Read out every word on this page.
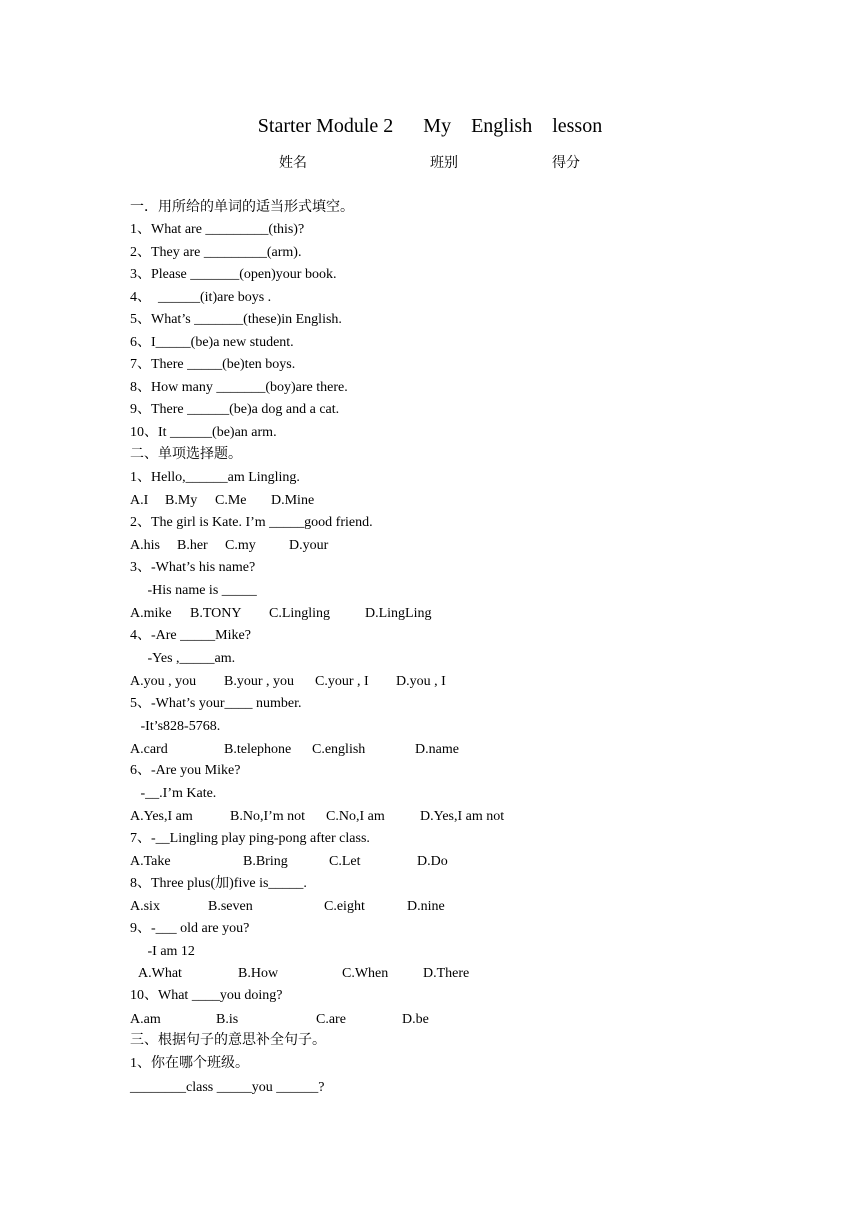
Starter Module 2      My    English    lesson
姓名	班别	得分
一．用所给的单词的适当形式填空。
1、What are _________(this)?
2、They are _________(arm).
3、Please _______(open)your book.
4、  ______(it)are boys .
5、What’s _______(these)in English.
6、I_____(be)a new student.
7、There _____(be)ten boys.
8、How many _______(boy)are there.
9、There ______(be)a dog and a cat.
10、It ______(be)an arm.
二、单项选择题。
1、Hello,______am Lingling.

A.I

B.My

C.Me

D.Mine

2、The girl is Kate. I’m _____good friend.

A.his

B.her

C.my

D.your

3、-What’s his name?
-His name is _____

A.mike

B.TONY

C.Lingling

D.LingLing

4、-Are _____Mike?
-Yes ,_____am.

A.you , you

B.your , you

C.your , I

D.you , I

5、-What’s your____ number.
-It’s828-5768.

A.card

	B.telephone

C.english

	D.name

6、-Are you Mike?
-__.I’m Kate.

A.Yes,I am

	B.No,I’m not

C.No,I am

	D.Yes,I am not

7、-__Lingling play ping-pong after class.

A.Take

	B.Bring

	C.Let

	D.Do

8、Three plus(加)five is_____.

A.six

	B.seven

	C.eight

	D.nine

9、-___ old are you?
-I am 12

A.What

	B.How

	C.When

D.There

10、What ____you doing?

A.am

	B.is

	C.are

	D.be

三、根据句子的意思补全句子。
1、你在哪个班级。
________class _____you ______?
